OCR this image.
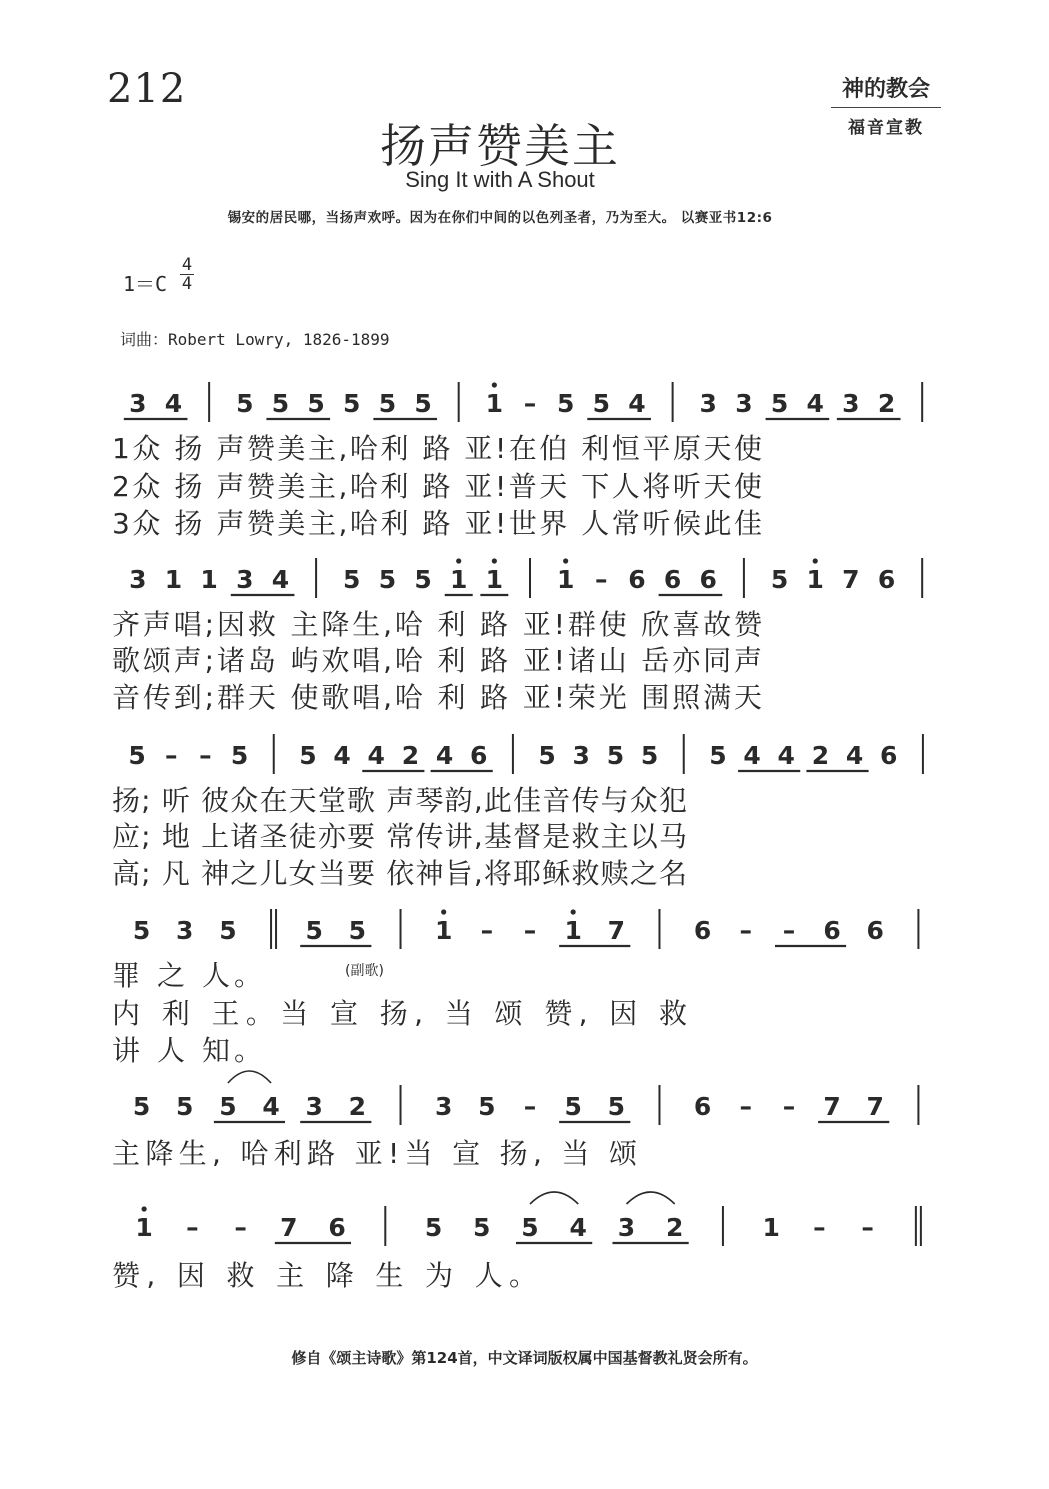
212	神的教会
福音宣教
扬声赞美主
Sing It with A Shout
锡安的居民哪，当扬声欢呼。因为在你们中间的以色列圣者，乃为至大。 以赛亚书12:6
1＝C
4
4
词曲：Robert Lowry, 1826-1899
3 4 5 5 5 5 5 5 1 – 5 5 4 3 3 5 4 3 2
1众 扬 声赞美主,哈利 路 亚!在伯 利恒平原天使
2众 扬 声赞美主,哈利 路 亚!普天 下人将听天使
3众 扬 声赞美主,哈利 路 亚!世界 人常听候此佳
3 1 1 3 4 5 5 5 1 1 1 – 6 6 6 5 1 7 6
齐声唱;因救 主降生,哈 利 路 亚!群使 欣喜故赞
歌颂声;诸岛 屿欢唱,哈 利 路 亚!诸山 岳亦同声
音传到;群天 使歌唱,哈 利 路 亚!荣光 围照满天
5 – – 5 5 4 4 2 4 6 5 3 5 5 5 4 4 2 4 6
扬; 听 彼众在天堂歌 声琴韵,此佳音传与众犯
应; 地 上诸圣徒亦要 常传讲,基督是救主以马
高; 凡 神之儿女当要 依神旨,将耶稣救赎之名
5 3 5	5 5	1 – – 1 7	6 – – 6 6
罪 之 人。
内 利 王。当 宣 扬, 当 颂 赞, 因 救
讲 人 知。
(副歌)
5 5 5 4 3 2	3 5 – 5 5	6 – – 7 7
主降生, 哈利路 亚!当 宣 扬, 当 颂
1 – – 7 6	5 5 5 4 3 2	1 – –
赞, 因 救 主 降 生 为 人。
修自《颂主诗歌》第124首，中文译词版权属中国基督教礼贤会所有。
